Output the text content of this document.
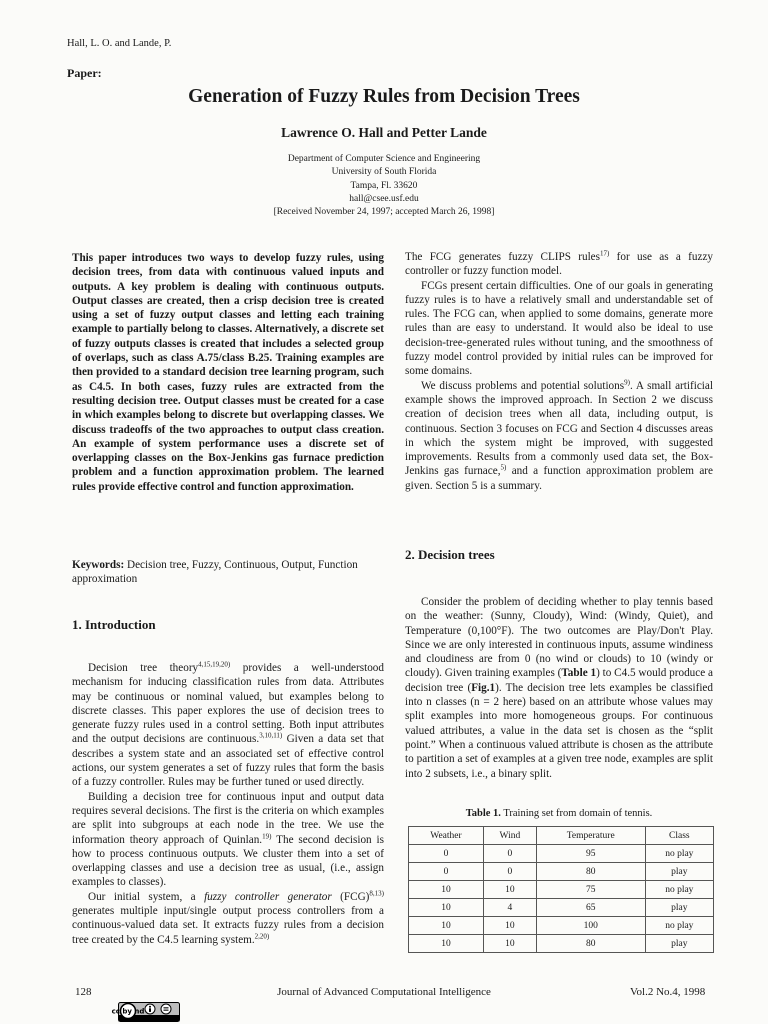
Hall, L. O. and Lande, P.
Paper:
Generation of Fuzzy Rules from Decision Trees
Lawrence O. Hall and Petter Lande
Department of Computer Science and Engineering
University of South Florida
Tampa, Fl. 33620
hall@csee.usf.edu
[Received November 24, 1997; accepted March 26, 1998]
This paper introduces two ways to develop fuzzy rules, using decision trees, from data with continuous valued inputs and outputs. A key problem is dealing with continuous outputs. Output classes are created, then a crisp decision tree is created using a set of fuzzy output classes and letting each training example to partially belong to classes. Alternatively, a discrete set of fuzzy outputs classes is created that includes a selected group of overlaps, such as class A.75/class B.25. Training examples are then provided to a standard decision tree learning program, such as C4.5. In both cases, fuzzy rules are extracted from the resulting decision tree. Output classes must be created for a case in which examples belong to discrete but overlapping classes. We discuss tradeoffs of the two approaches to output class creation. An example of system performance uses a discrete set of overlapping classes on the Box-Jenkins gas furnace prediction problem and a function approximation problem. The learned rules provide effective control and function approximation.
Keywords: Decision tree, Fuzzy, Continuous, Output, Function approximation
1. Introduction

Decision tree theory$^{4,15,19,20)}$ provides a well-understood mechanism for inducing classification rules from data. Attributes may be continuous or nominal valued, but examples belong to discrete classes. This paper explores the use of decision trees to generate fuzzy rules used in a control setting. Both input attributes and the output decisions are continuous.$^{3,10,11)}$ Given a data set that describes a system state and an associated set of effective control actions, our system generates a set of fuzzy rules that form the basis of a fuzzy controller. Rules may be further tuned or used directly.

Building a decision tree for continuous input and output data requires several decisions. The first is the criteria on which examples are split into subgroups at each node in the tree. We use the information theory approach of Quinlan.$^{19)}$ The second decision is how to process continuous outputs. We cluster them into a set of overlapping classes and use a decision tree as usual, (i.e., assign examples to classes).

Our initial system, a fuzzy controller generator (FCG)$^{8,13)}$ generates multiple input/single output process controllers from a continuous-valued data set. It extracts fuzzy rules from a decision tree created by the C4.5 learning system.$^{2,20)}$

The FCG generates fuzzy CLIPS rules$^{17)}$ for use as a fuzzy controller or fuzzy function model.

FCGs present certain difficulties. One of our goals in generating fuzzy rules is to have a relatively small and understandable set of rules. The FCG can, when applied to some domains, generate more rules than are easy to understand. It would also be ideal to use decision-tree-generated rules without tuning, and the smoothness of fuzzy model control provided by initial rules can be improved for some domains.

We discuss problems and potential solutions$^{9)}$. A small artificial example shows the improved approach. In Section 2 we discuss creation of decision trees when all data, including output, is continuous. Section 3 focuses on FCG and Section 4 discusses areas in which the system might be improved, with suggested improvements. Results from a commonly used data set, the Box-Jenkins gas furnace,$^{5)}$ and a function approximation problem are given. Section 5 is a summary.

2. Decision trees

Consider the problem of deciding whether to play tennis based on the weather: (Sunny, Cloudy), Wind: (Windy, Quiet), and Temperature (0,100°F). The two outcomes are Play/Don't Play. Since we are only interested in continuous inputs, assume windiness and cloudiness are from 0 (no wind or clouds) to 10 (windy or cloudy). Given training examples (Table 1) to C4.5 would produce a decision tree (Fig.1). The decision tree lets examples be classified into n classes (n = 2 here) based on an attribute whose values may split examples into more homogeneous groups. For continuous valued attributes, a value in the data set is chosen as the “split point.” When a continuous valued attribute is chosen as the attribute to partition a set of examples at a given tree node, examples are split into 2 subsets, i.e., a binary split.

Table 1. Training set from domain of tennis.
Weather	Wind	Temperature	Class
0	0	95	no play
0	0	80	play
10	10	75	no play
10	4	65	play
10	10	100	no play
10	10	80	play
128	Journal of Advanced Computational Intelligence	Vol.2 No.4, 1998
cc by nd
